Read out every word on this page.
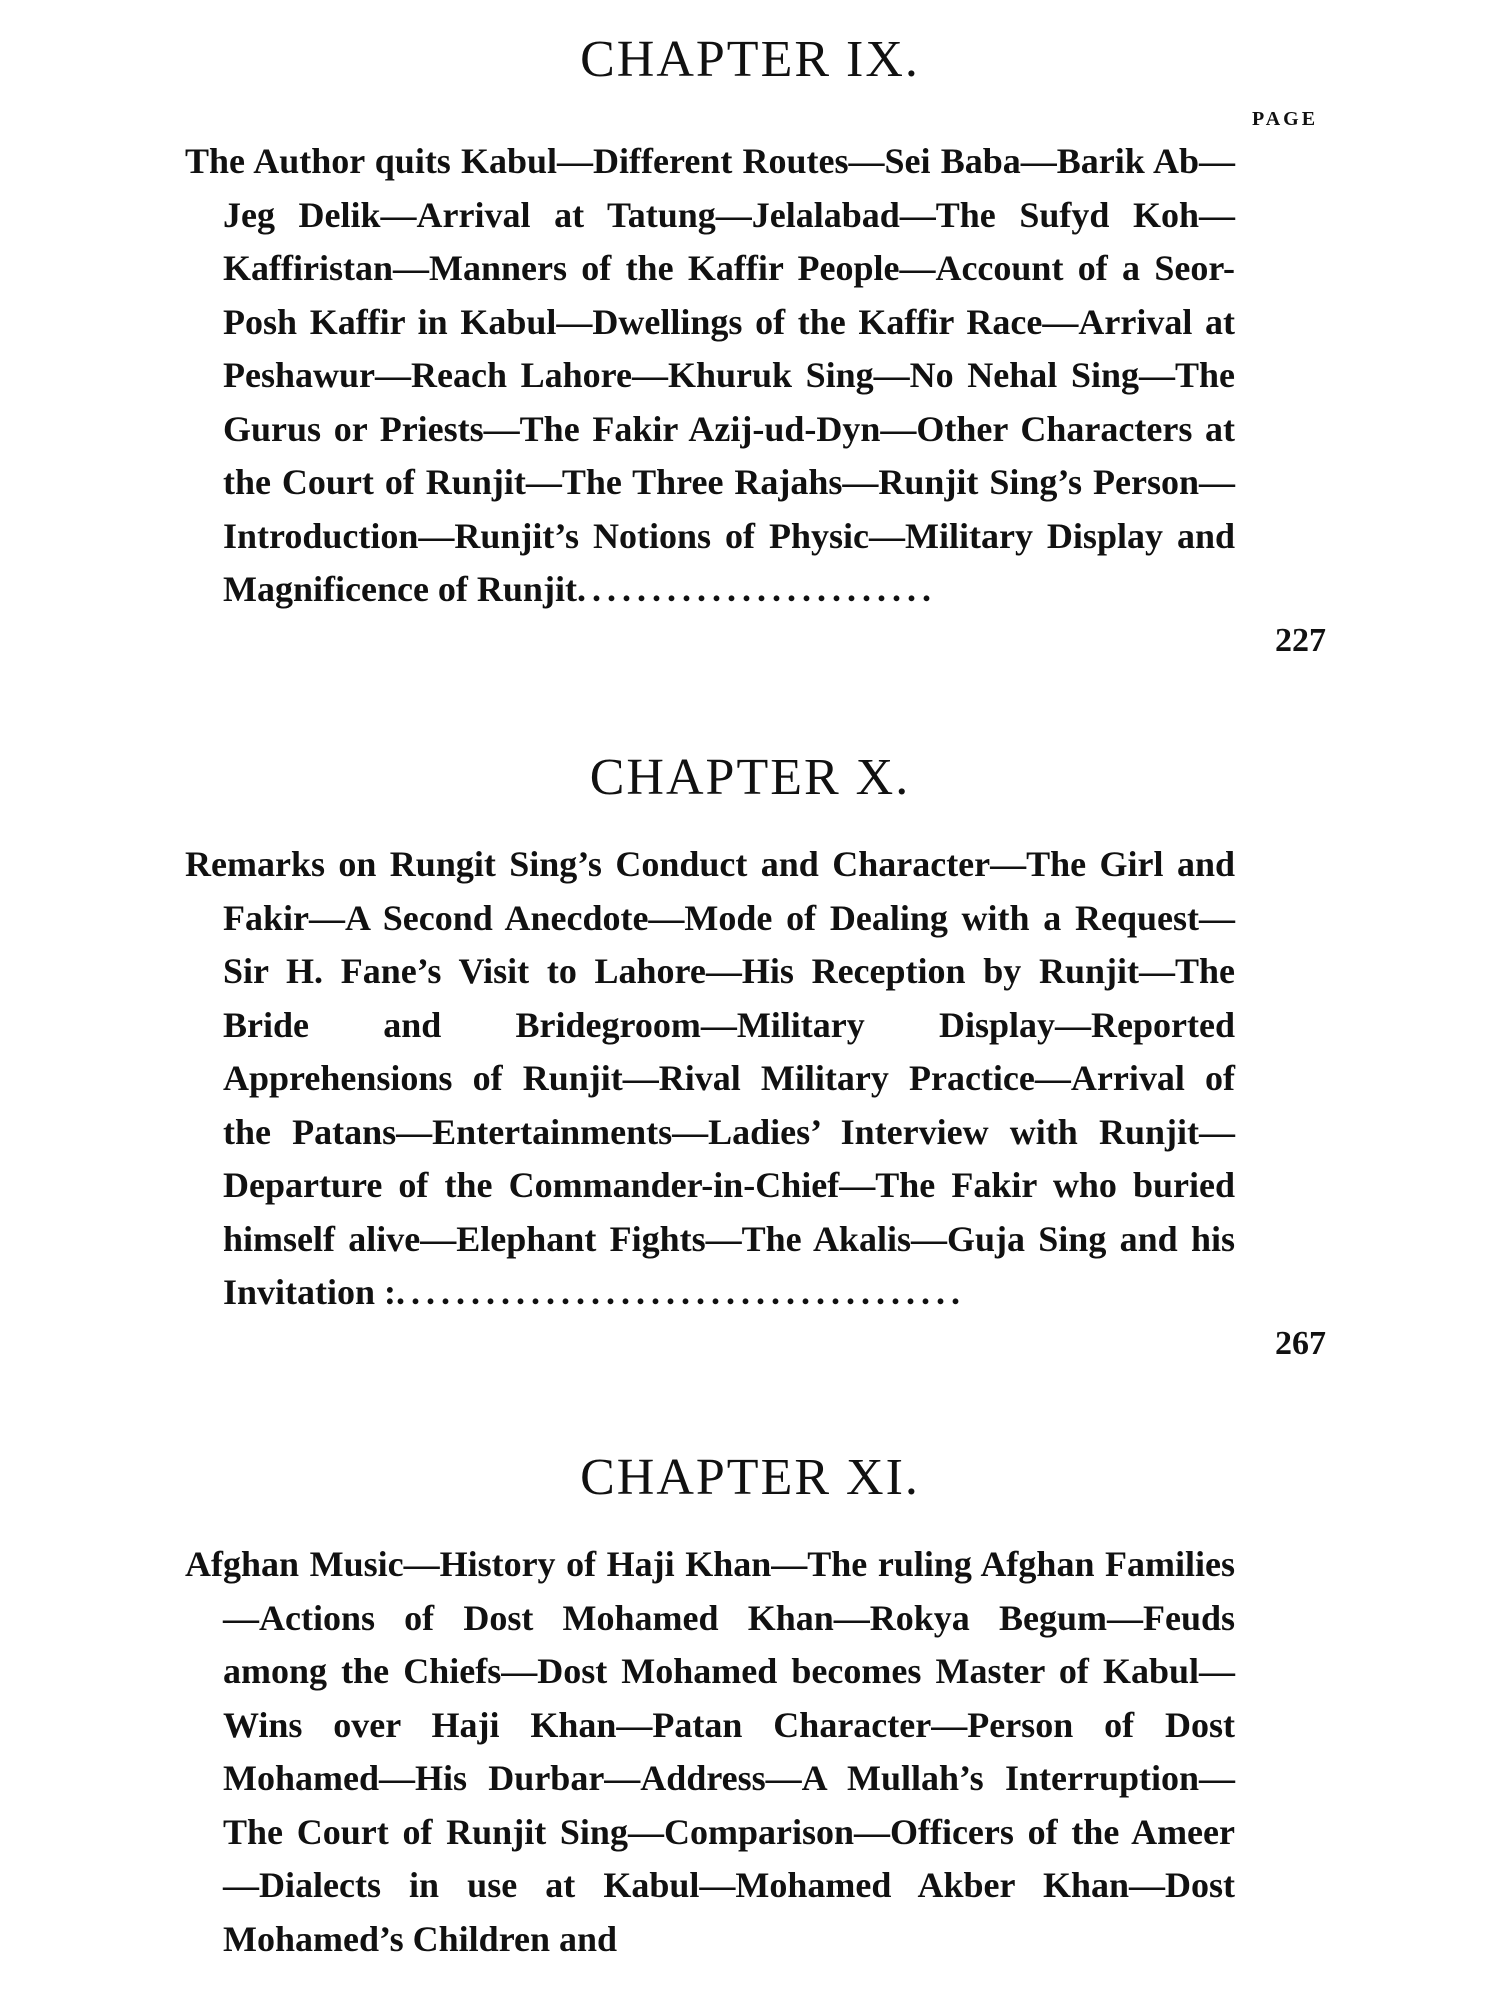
CHAPTER IX.
PAGE

The Author quits Kabul—Different Routes—Sei Baba—Barik Ab—Jeg Delik—Arrival at Tatung—Jelalabad—The Sufyd Koh—Kaffiristan—Manners of the Kaffir People—Account of a Seor-Posh Kaffir in Kabul—Dwellings of the Kaffir Race—Arrival at Peshawur—Reach Lahore—Khuruk Sing—No Nehal Sing—The Gurus or Priests—The Fakir Azij-ud-Dyn—Other Characters at the Court of Runjit—The Three Rajahs—Runjit Sing’s Person—Introduction—Runjit’s Notions of Physic—Military Display and Magnificence of Runjit........................

227
CHAPTER X.

Remarks on Rungit Sing’s Conduct and Character—The Girl and Fakir—A Second Anecdote—Mode of Dealing with a Request—Sir H. Fane’s Visit to Lahore—His Reception by Runjit—The Bride and Bridegroom—Military Display—Reported Apprehensions of Runjit—Rival Military Practice—Arrival of the Patans—Entertainments—Ladies’ Interview with Runjit—Departure of the Commander-in-Chief—The Fakir who buried himself alive—Elephant Fights—The Akalis—Guja Sing and his Invitation :......................................

267
CHAPTER XI.

Afghan Music—History of Haji Khan—The ruling Afghan Families—Actions of Dost Mohamed Khan—Rokya Begum—Feuds among the Chiefs—Dost Mohamed becomes Master of Kabul—Wins over Haji Khan—Patan Character—Person of Dost Mohamed—His Durbar—Address—A Mullah’s Interruption—The Court of Runjit Sing—Comparison—Officers of the Ameer—Dialects in use at Kabul—Mohamed Akber Khan—Dost Mohamed’s Children and
